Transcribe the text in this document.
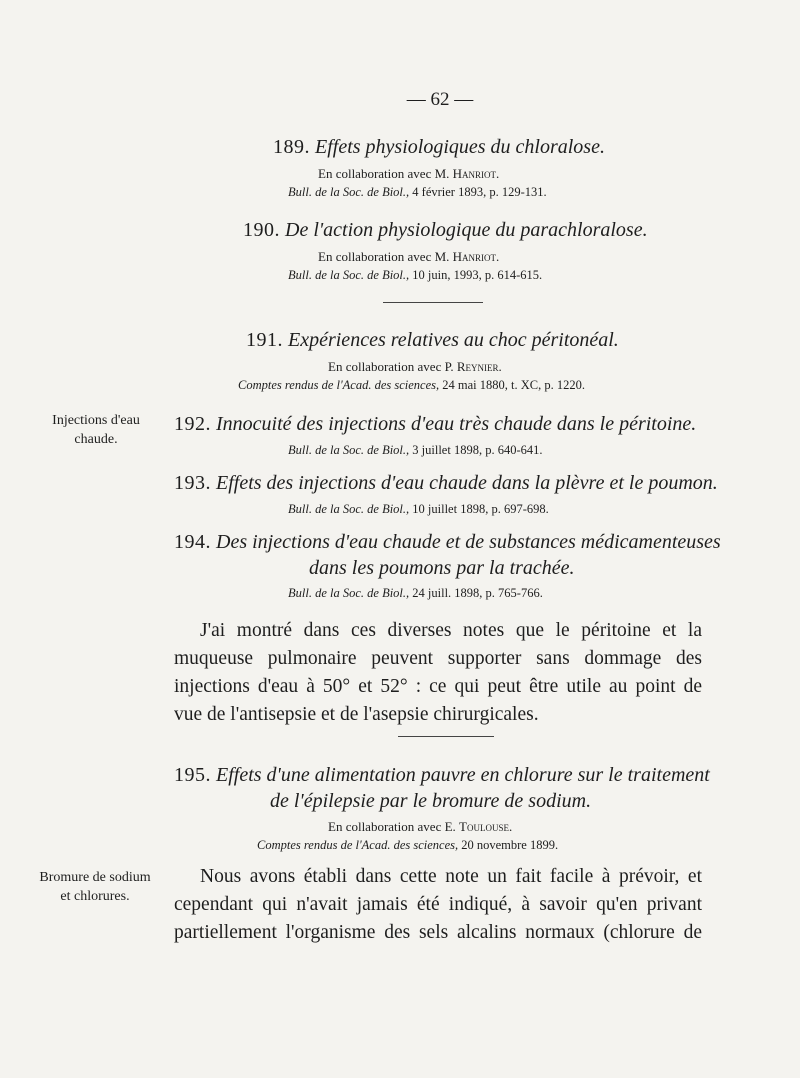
— 62 —
189. Effets physiologiques du chloralose.
En collaboration avec M. Hanriot.
Bull. de la Soc. de Biol., 4 février 1893, p. 129-131.
190. De l'action physiologique du parachloralose.
En collaboration avec M. Hanriot.
Bull. de la Soc. de Biol., 10 juin, 1993, p. 614-615.
191. Expériences relatives au choc péritonéal.
En collaboration avec P. Reynier.
Comptes rendus de l'Acad. des sciences, 24 mai 1880, t. XC, p. 1220.
Injections d'eau
chaude.
192. Innocuité des injections d'eau très chaude dans le péritoine.
Bull. de la Soc. de Biol., 3 juillet 1898, p. 640-641.
193. Effets des injections d'eau chaude dans la plèvre et le poumon.
Bull. de la Soc. de Biol., 10 juillet 1898, p. 697-698.
194. Des injections d'eau chaude et de substances médicamenteuses
dans les poumons par la trachée.
Bull. de la Soc. de Biol., 24 juill. 1898, p. 765-766.
J'ai montré dans ces diverses notes que le péritoine et la
muqueuse pulmonaire peuvent supporter sans dommage des
injections d'eau à 50° et 52° : ce qui peut être utile au point de
vue de l'antisepsie et de l'asepsie chirurgicales.
195. Effets d'une alimentation pauvre en chlorure sur le traitement
de l'épilepsie par le bromure de sodium.
En collaboration avec E. Toulouse.
Comptes rendus de l'Acad. des sciences, 20 novembre 1899.
Bromure de sodium
et chlorures.
Nous avons établi dans cette note un fait facile à prévoir, et
cependant qui n'avait jamais été indiqué, à savoir qu'en privant
partiellement l'organisme des sels alcalins normaux (chlorure de
